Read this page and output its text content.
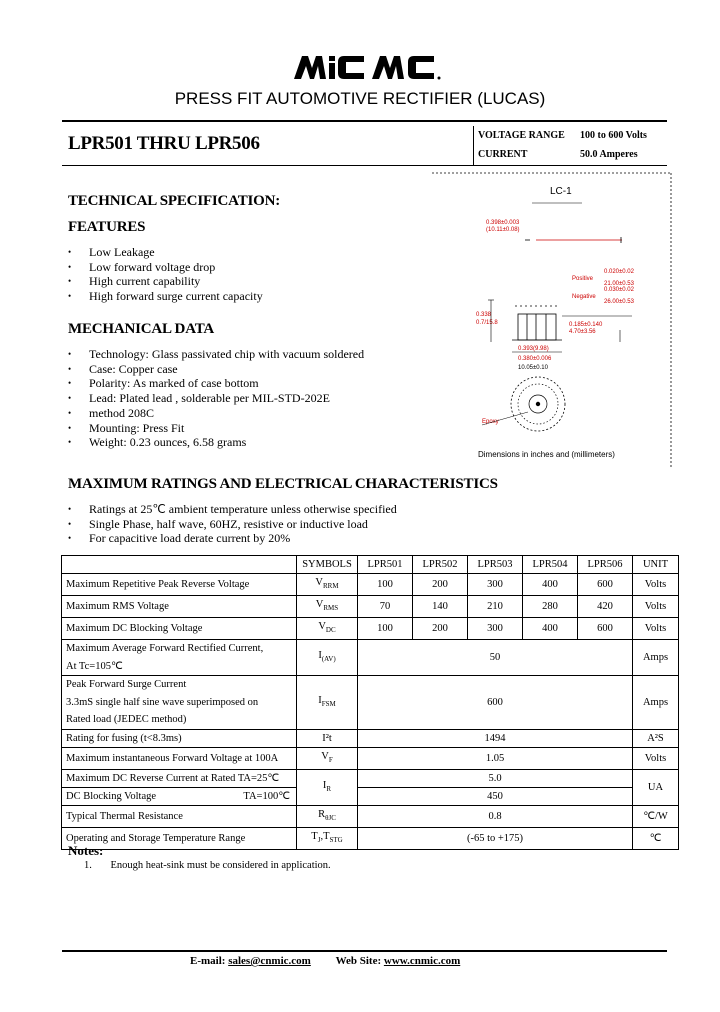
PRESS FIT AUTOMOTIVE RECTIFIER (LUCAS)
LPR501 THRU LPR506	VOLTAGE RANGE 100 to 600 Volts
CURRENT	50.0 Amperes
TECHNICAL SPECIFICATION:
FEATURES
• Low Leakage
• Low forward voltage drop
• High current capability
• High forward surge current capacity
MECHANICAL DATA
• Technology: Glass passivated chip with vacuum soldered
• Case: Copper case
• Polarity: As marked of case bottom
• Lead: Plated lead , solderable per MIL-STD-202E
• method 208C
• Mounting: Press Fit
• Weight: 0.23 ounces, 6.58 grams
LC-1
0.398±0.003
(10.11±0.08)
Positive
0.020±0.02
21.00±0.53
Negative
0.030±0.02
26.00±0.53
0.338
0.7/15.8	0.185±0.140
4.70±3.56
0.393(9.98)
0.380±0.006
10.05±0.10
Epoxy
Dimensions in inches and (millimeters)
MAXIMUM RATINGS AND ELECTRICAL CHARACTERISTICS
• Ratings at 25℃ ambient temperature unless otherwise specified
• Single Phase, half wave, 60HZ, resistive or inductive load
• For capacitive load derate current by 20%
	SYMBOLS	LPR501	LPR502	LPR503	LPR504	LPR506	UNIT
Maximum Repetitive Peak Reverse Voltage	$V_{RRM}$	100	200	300	400	600	Volts
Maximum RMS Voltage	$V_{RMS}$	70	140	210	280	420	Volts
Maximum DC Blocking Voltage	$V_{DC}$	100	200	300	400	600	Volts

Maximum Average Forward Rectified Current,
At Tc=105℃	$I_{(AV)}$	50					Amps

Peak Forward Surge Current
3.3mS single half sine wave superimposed on
Rated load (JEDEC method)	$I_{FSM}$	600					Amps
Rating for fusing (t<8.3ms)	I²t	1494					A²S
Maximum instantaneous Forward Voltage at 100A	$V_F$	1.05					Volts
Maximum DC Reverse Current at Rated TA=25℃	$I_R$	5.0					UA
DC Blocking Voltage TA=100℃		450					
Typical Thermal Resistance	$R_{\theta JC}$	0.8					℃/W
Operating and Storage Temperature Range	$T_J,T_{STG}$	(-65 to +175)					℃
Notes:
1. Enough heat-sink must be considered in application.
E-mail: sales@cnmic.com Web Site: www.cnmic.com
